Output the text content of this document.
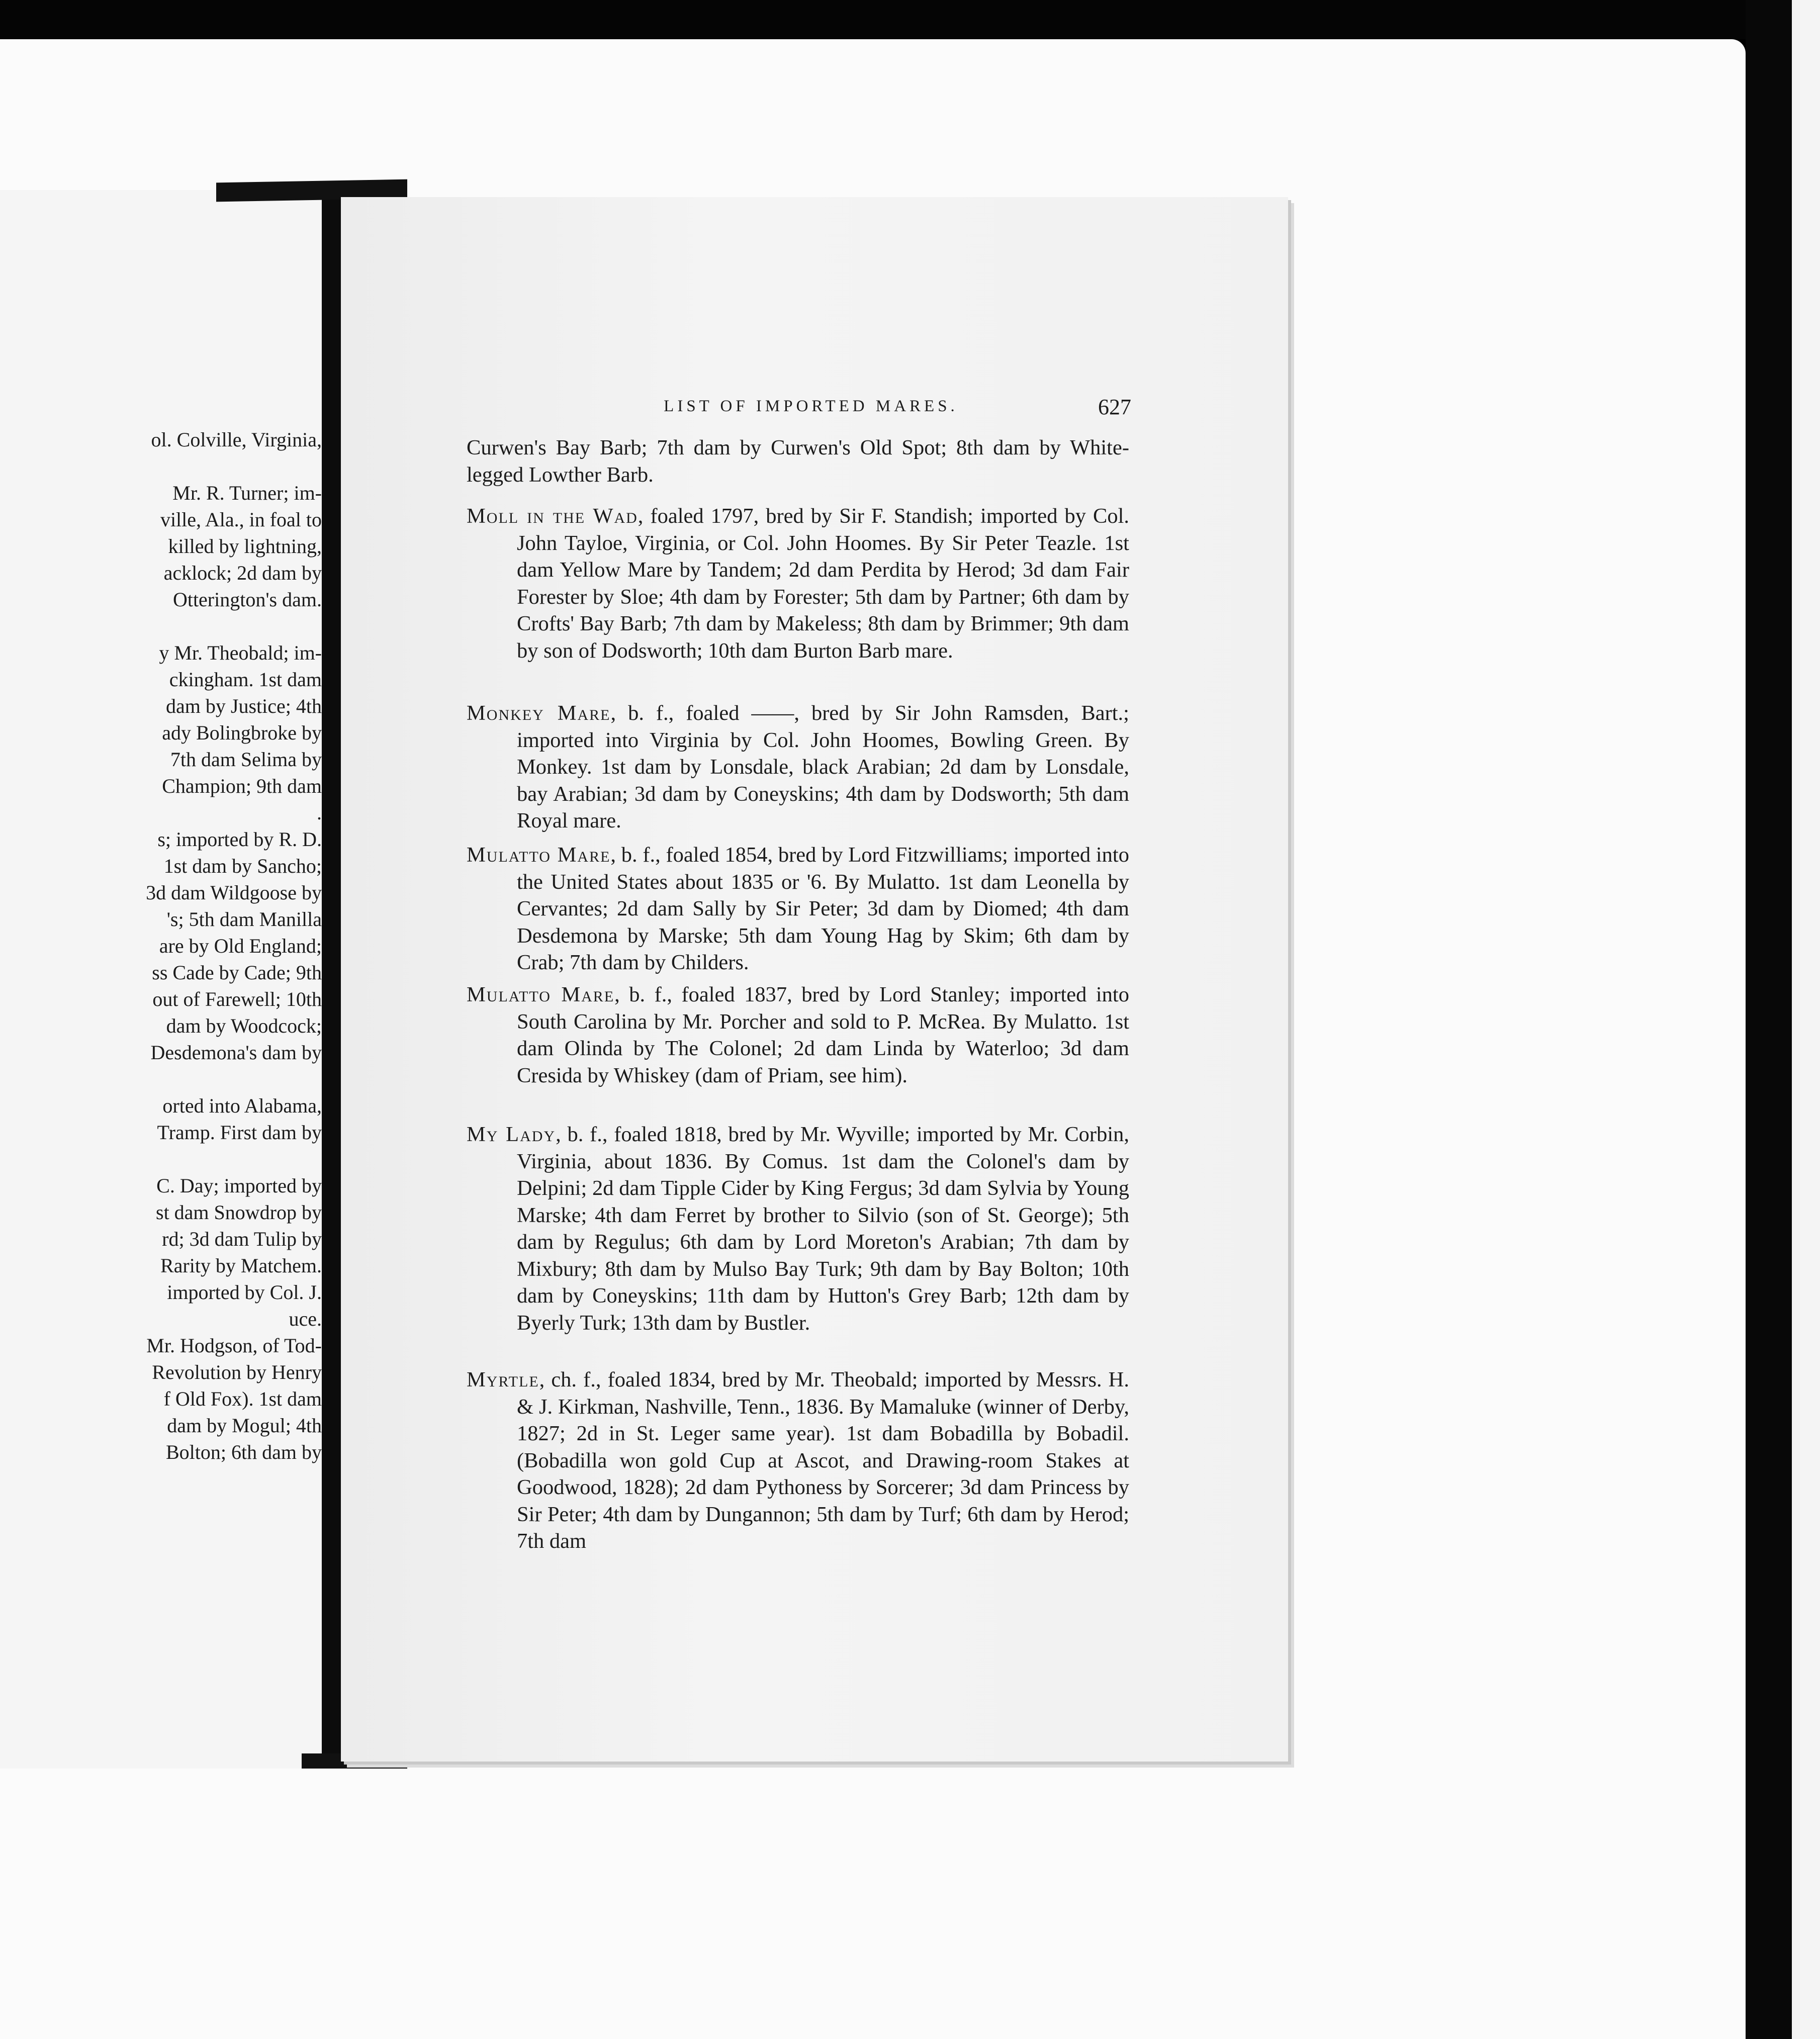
ol. Colville, Virginia,
Mr. R. Turner; im-
ville, Ala., in foal to
killed by lightning,
acklock; 2d dam by
Otterington's dam.
y Mr. Theobald; im-
ckingham. 1st dam
dam by Justice; 4th
ady Bolingbroke by
7th dam Selima by
Champion; 9th dam
.
s; imported by R. D.
1st dam by Sancho;
3d dam Wildgoose by
's; 5th dam Manilla
are by Old England;
ss Cade by Cade; 9th
out of Farewell; 10th
dam by Woodcock;
Desdemona's dam by
orted into Alabama,
Tramp. First dam by
C. Day; imported by
st dam Snowdrop by
rd; 3d dam Tulip by
Rarity by Matchem.
imported by Col. J.
uce.
Mr. Hodgson, of Tod-
Revolution by Henry
f Old Fox). 1st dam
dam by Mogul; 4th
Bolton; 6th dam by
LIST OF IMPORTED MARES.	627
Curwen's Bay Barb; 7th dam by Curwen's Old Spot; 8th dam by White-legged Lowther Barb.
Moll in the Wad, foaled 1797, bred by Sir F. Standish; imported by Col. John Tayloe, Virginia, or Col. John Hoomes. By Sir Peter Teazle. 1st dam Yellow Mare by Tandem; 2d dam Perdita by Herod; 3d dam Fair Forester by Sloe; 4th dam by Forester; 5th dam by Partner; 6th dam by Crofts' Bay Barb; 7th dam by Makeless; 8th dam by Brimmer; 9th dam by son of Dodsworth; 10th dam Burton Barb mare.
Monkey Mare, b. f., foaled ——, bred by Sir John Ramsden, Bart.; imported into Virginia by Col. John Hoomes, Bowling Green. By Monkey. 1st dam by Lonsdale, black Arabian; 2d dam by Lonsdale, bay Arabian; 3d dam by Coneyskins; 4th dam by Dodsworth; 5th dam Royal mare.
Mulatto Mare, b. f., foaled 1854, bred by Lord Fitzwilliams; imported into the United States about 1835 or '6. By Mulatto. 1st dam Leonella by Cervantes; 2d dam Sally by Sir Peter; 3d dam by Diomed; 4th dam Desdemona by Marske; 5th dam Young Hag by Skim; 6th dam by Crab; 7th dam by Childers.
Mulatto Mare, b. f., foaled 1837, bred by Lord Stanley; imported into South Carolina by Mr. Porcher and sold to P. McRea. By Mulatto. 1st dam Olinda by The Colonel; 2d dam Linda by Waterloo; 3d dam Cresida by Whiskey (dam of Priam, see him).
My Lady, b. f., foaled 1818, bred by Mr. Wyville; imported by Mr. Corbin, Virginia, about 1836. By Comus. 1st dam the Colonel's dam by Delpini; 2d dam Tipple Cider by King Fergus; 3d dam Sylvia by Young Marske; 4th dam Ferret by brother to Silvio (son of St. George); 5th dam by Regulus; 6th dam by Lord Moreton's Arabian; 7th dam by Mixbury; 8th dam by Mulso Bay Turk; 9th dam by Bay Bolton; 10th dam by Coneyskins; 11th dam by Hutton's Grey Barb; 12th dam by Byerly Turk; 13th dam by Bustler.
Myrtle, ch. f., foaled 1834, bred by Mr. Theobald; imported by Messrs. H. & J. Kirkman, Nashville, Tenn., 1836. By Mamaluke (winner of Derby, 1827; 2d in St. Leger same year). 1st dam Bobadilla by Bobadil. (Bobadilla won gold Cup at Ascot, and Drawing-room Stakes at Goodwood, 1828); 2d dam Pythoness by Sorcerer; 3d dam Princess by Sir Peter; 4th dam by Dungannon; 5th dam by Turf; 6th dam by Herod; 7th dam
